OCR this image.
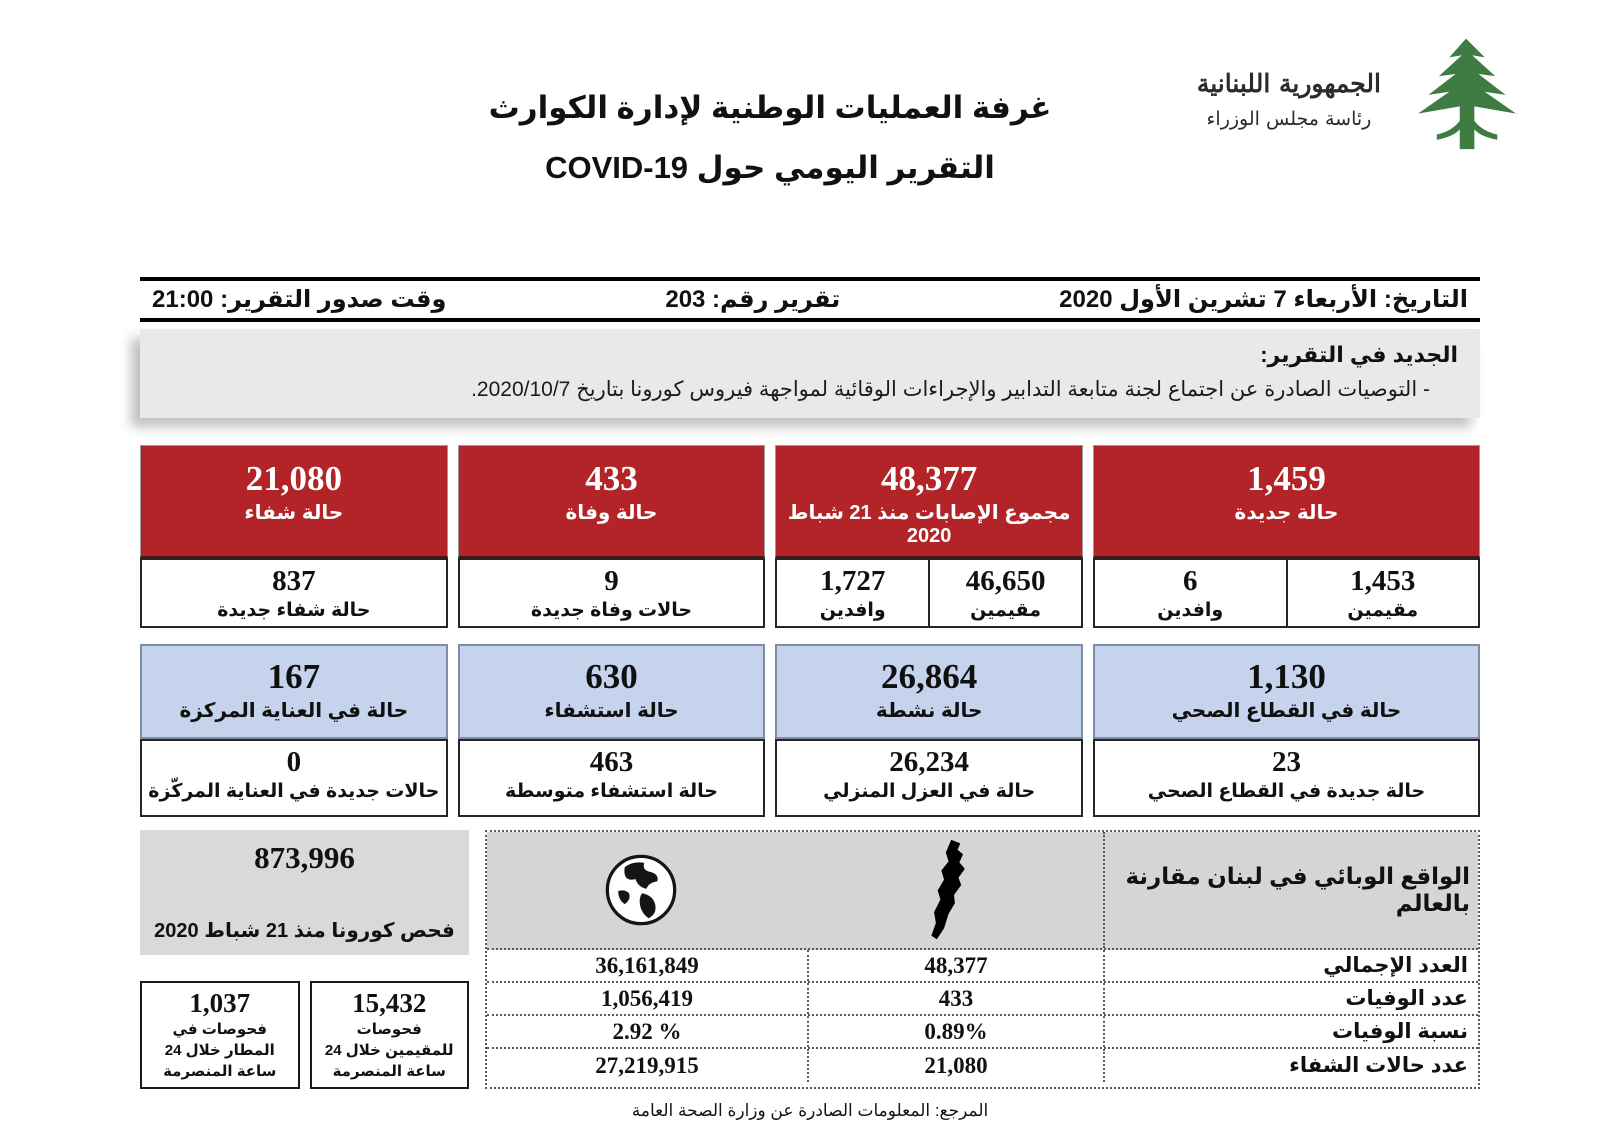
الجمهورية اللبنانية
رئاسة مجلس الوزراء
غرفة العمليات الوطنية لإدارة الكوارث
التقرير اليومي حول COVID-19
التاريخ: الأربعاء 7 تشرين الأول 2020
تقرير رقم: 203
وقت صدور التقرير: 21:00
الجديد في التقرير:
- التوصيات الصادرة عن اجتماع لجنة متابعة التدابير والإجراءات الوقائية لمواجهة فيروس كورونا بتاريخ 2020/10/7.
1,459
حالة جديدة
1,453
مقيمين
6
وافدين
48,377
مجموع الإصابات منذ 21 شباط 2020
46,650
مقيمين
1,727
وافدين
433
حالة وفاة
9
حالات وفاة جديدة
21,080
حالة شفاء
837
حالة شفاء جديدة
1,130
حالة في القطاع الصحي
23
حالة جديدة في القطاع الصحي
26,864
حالة نشطة
26,234
حالة في العزل المنزلي
630
حالة استشفاء
463
حالة استشفاء متوسطة
167
حالة في العناية المركزة
0
حالات جديدة في العناية المركّزة
الواقع الوبائي في لبنان مقارنة بالعالم
العدد الإجمالي
48,377
36,161,849
عدد الوفيات
433
1,056,419
نسبة الوفيات
0.89%
2.92 %
عدد حالات الشفاء
21,080
27,219,915
873,996
فحص كورونا منذ 21 شباط 2020
15,432
فحوصات للمقيمين خلال 24 ساعة المنصرمة
1,037
فحوصات في المطار خلال 24 ساعة المنصرمة
المرجع: المعلومات الصادرة عن وزارة الصحة العامة
